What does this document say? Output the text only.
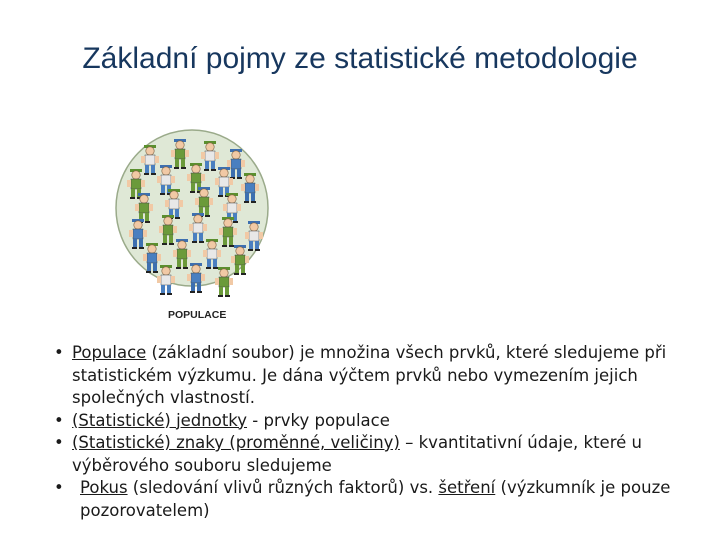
Základní pojmy ze statistické metodologie
POPULACE
• Populace (základní soubor) je množina všech prvků, které sledujeme při statistickém výzkumu. Je dána výčtem prvků nebo vymezením jejich společných vlastností.
• (Statistické) jednotky - prvky populace
• (Statistické) znaky (proměnné, veličiny) – kvantitativní údaje, které u výběrového souboru sledujeme
• Pokus (sledování vlivů různých faktorů) vs. šetření (výzkumník je pouze pozorovatelem)
